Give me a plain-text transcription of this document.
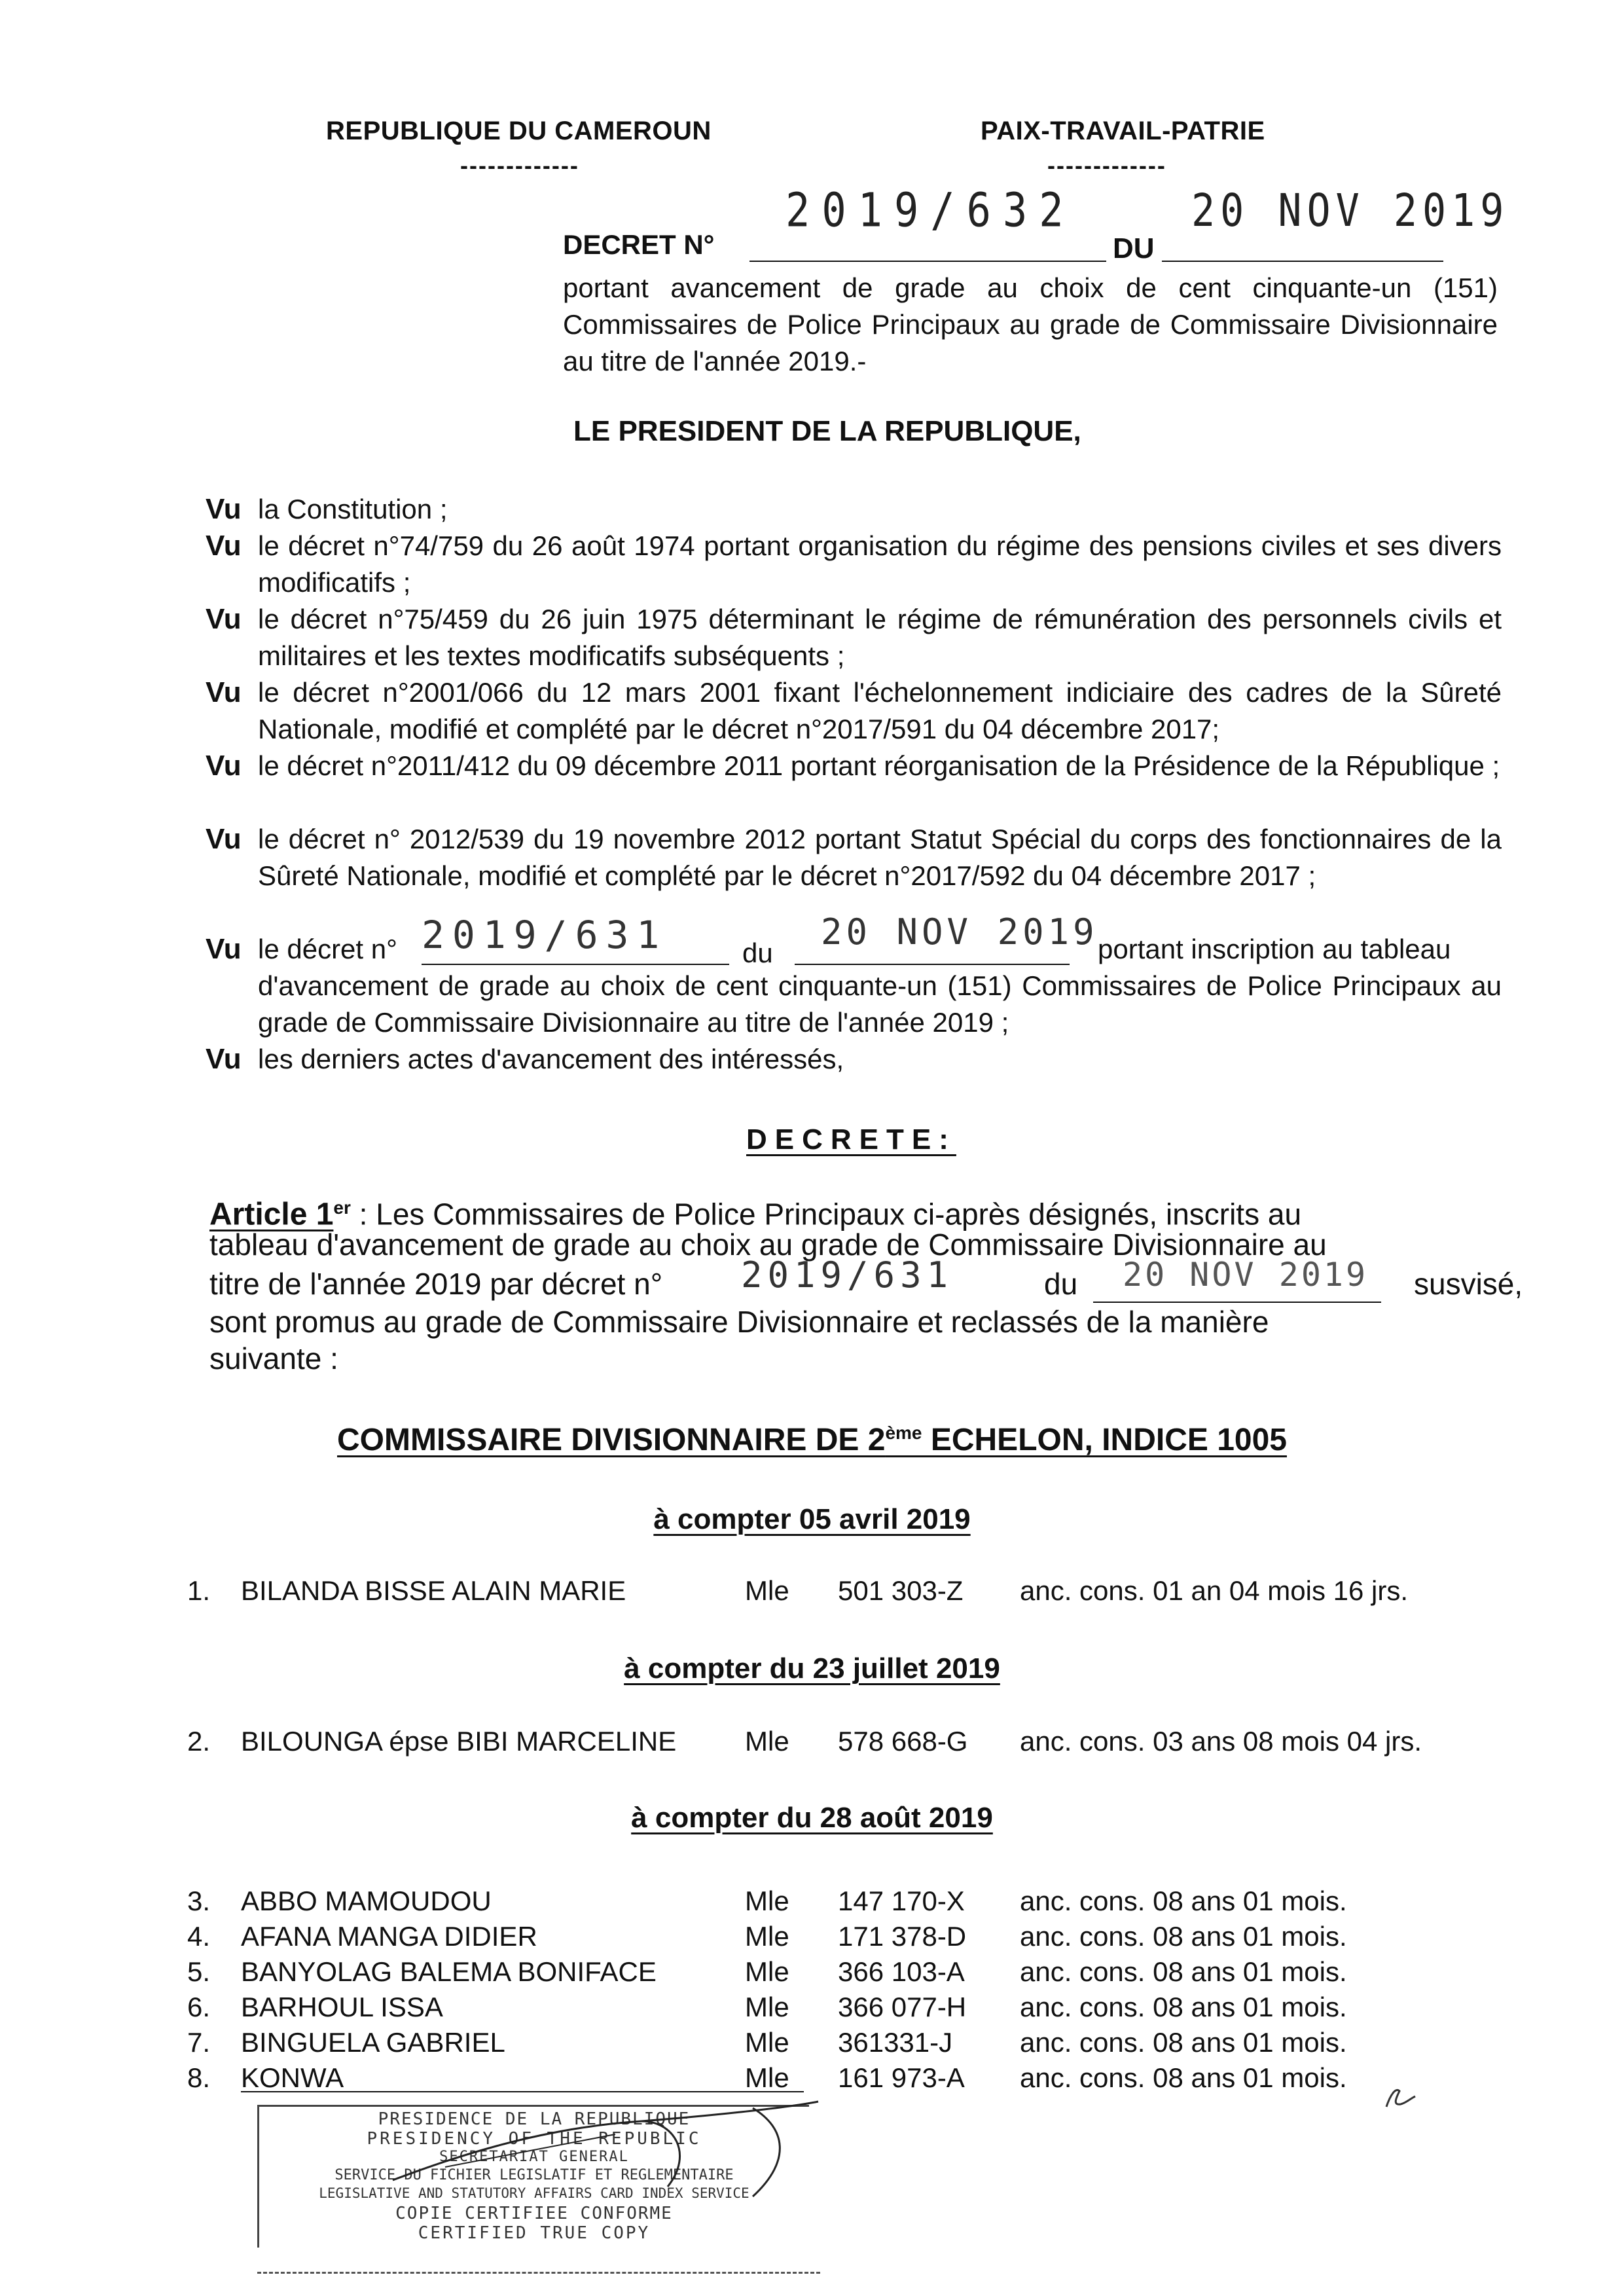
REPUBLIQUE DU CAMEROUN
-------------
PAIX-TRAVAIL-PATRIE
-------------
DECRET N°
2019/632
DU
20 NOV 2019
portant avancement de grade au choix de cent cinquante-un (151) Commissaires de Police Principaux au grade de Commissaire Divisionnaire au titre de l'année 2019.-
LE PRESIDENT DE LA REPUBLIQUE,
Vu la Constitution ;
Vu le décret n°74/759 du 26 août 1974 portant organisation du régime des pensions civiles et ses divers modificatifs ;
Vu le décret n°75/459 du 26 juin 1975 déterminant le régime de rémunération des personnels civils et militaires et les textes modificatifs subséquents ;
Vu le décret n°2001/066 du 12 mars 2001 fixant l'échelonnement indiciaire des cadres de la Sûreté Nationale, modifié et complété par le décret n°2017/591 du 04 décembre 2017;
Vu le décret n°2011/412 du 09 décembre 2011 portant réorganisation de la Présidence de la République ;
Vu le décret n° 2012/539 du 19 novembre 2012 portant Statut Spécial du corps des fonctionnaires de la Sûreté Nationale, modifié et complété par le décret n°2017/592 du 04 décembre 2017 ;
Vu le décret n° 2019/631	du
20 NOV 2019 portant inscription au tableau
d'avancement de grade au choix de cent cinquante-un (151) Commissaires de Police Principaux au grade de Commissaire Divisionnaire au titre de l'année 2019 ;
Vu les derniers actes d'avancement des intéressés,
DECRETE:
Article 1er : Les Commissaires de Police Principaux ci-après désignés, inscrits au
tableau d'avancement de grade au choix au grade de Commissaire Divisionnaire au
titre de l'année 2019 par décret n° 2019/631	du 20 NOV 2019 susvisé,
sont promus au grade de Commissaire Divisionnaire et reclassés de la manière
suivante :
COMMISSAIRE DIVISIONNAIRE DE 2ème ECHELON, INDICE 1005
à compter 05 avril 2019
1. BILANDA BISSE ALAIN MARIE	Mle 501 303-Z anc. cons. 01 an 04 mois 16 jrs.
à compter du 23 juillet 2019
2. BILOUNGA épse BIBI MARCELINE Mle 578 668-G anc. cons. 03 ans 08 mois 04 jrs.
à compter du 28 août 2019
3. ABBO MAMOUDOU	Mle 147 170-X anc. cons. 08 ans 01 mois.
4. AFANA MANGA DIDIER	Mle 171 378-D anc. cons. 08 ans 01 mois.
5. BANYOLAG BALEMA BONIFACE	Mle 366 103-A anc. cons. 08 ans 01 mois.
6. BARHOUL ISSA	Mle 366 077-H anc. cons. 08 ans 01 mois.
7. BINGUELA GABRIEL	Mle 361331-J anc. cons. 08 ans 01 mois.
8. KONWA	Mle 161 973-A anc. cons. 08 ans 01 mois.
PRESIDENCE DE LA REPUBLIQUE
PRESIDENCY OF THE REPUBLIC
SECRETARIAT GENERAL
SERVICE DU FICHIER LEGISLATIF ET REGLEMENTAIRE
LEGISLATIVE AND STATUTORY AFFAIRS CARD INDEX SERVICE
COPIE CERTIFIEE CONFORME
CERTIFIED TRUE COPY
